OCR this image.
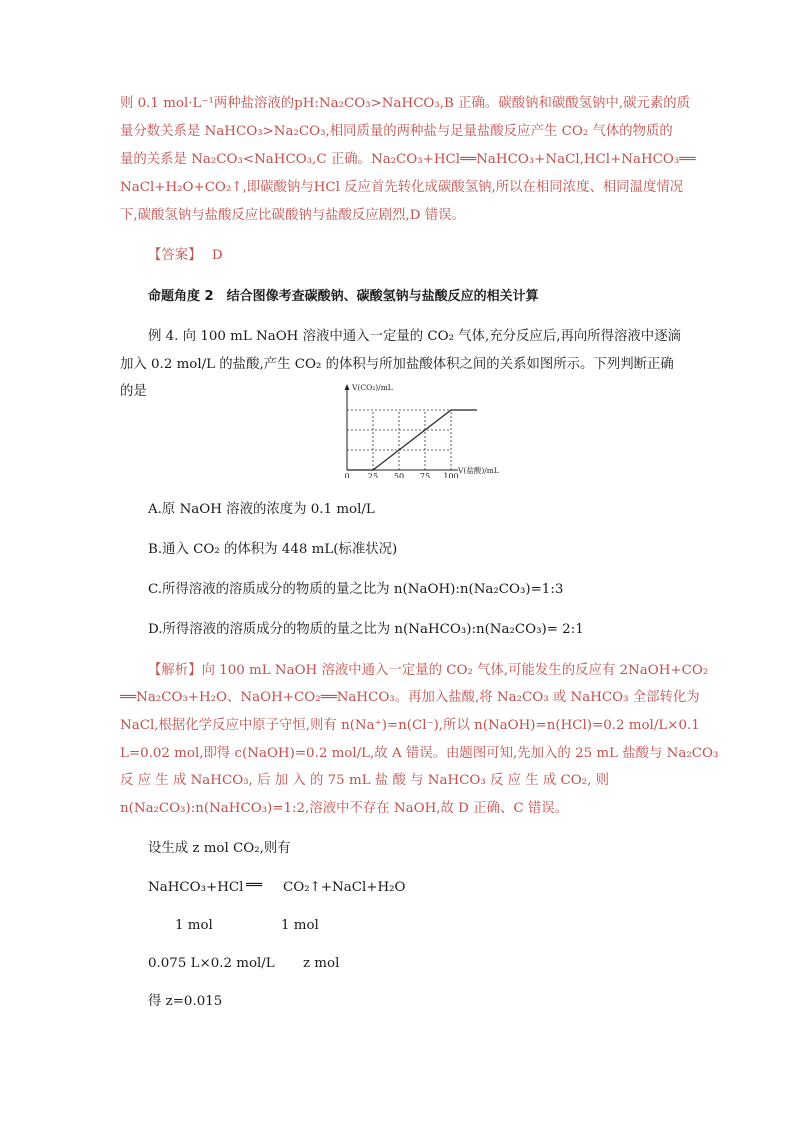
则 0.1 mol·L⁻¹两种盐溶液的pH:Na₂CO₃>NaHCO₃,B 正确。碳酸钠和碳酸氢钠中,碳元素的质
量分数关系是 NaHCO₃>Na₂CO₃,相同质量的两种盐与足量盐酸反应产生 CO₂ 气体的物质的
量的关系是 Na₂CO₃<NaHCO₃,C 正确。Na₂CO₃+HCl══NaHCO₃+NaCl,HCl+NaHCO₃══
NaCl+H₂O+CO₂↑,即碳酸钠与HCl 反应首先转化成碳酸氢钠,所以在相同浓度、相同温度情况
下,碳酸氢钠与盐酸反应比碳酸钠与盐酸反应剧烈,D 错误。
【答案】 D
命题角度 2　结合图像考查碳酸钠、碳酸氢钠与盐酸反应的相关计算
例 4. 向 100 mL NaOH 溶液中通入一定量的 CO₂ 气体,充分反应后,再向所得溶液中逐滴
加入 0.2 mol/L 的盐酸,产生 CO₂ 的体积与所加盐酸体积之间的关系如图所示。下列判断正确
的是	V(CO₂)/mL
V(盐酸)/mL
0 25 50 75 100
A.原 NaOH 溶液的浓度为 0.1 mol/L
B.通入 CO₂ 的体积为 448 mL(标准状况)
C.所得溶液的溶质成分的物质的量之比为 n(NaOH):n(Na₂CO₃)=1:3
D.所得溶液的溶质成分的物质的量之比为 n(NaHCO₃):n(Na₂CO₃)= 2:1
【解析】向 100 mL NaOH 溶液中通入一定量的 CO₂ 气体,可能发生的反应有 2NaOH+CO₂
══Na₂CO₃+H₂O、NaOH+CO₂══NaHCO₃。再加入盐酸,将 Na₂CO₃ 或 NaHCO₃ 全部转化为
NaCl,根据化学反应中原子守恒,则有 n(Na⁺)=n(Cl⁻),所以 n(NaOH)=n(HCl)=0.2 mol/L×0.1
L=0.02 mol,即得 c(NaOH)=0.2 mol/L,故 A 错误。由题图可知,先加入的 25 mL 盐酸与 Na₂CO₃
反 应 生 成 NaHCO₃, 后 加 入 的 75 mL 盐 酸 与 NaHCO₃ 反 应 生 成 CO₂, 则
n(Na₂CO₃):n(NaHCO₃)=1:2,溶液中不存在 NaOH,故 D 正确、C 错误。
设生成 z mol CO₂,则有
NaHCO₃+HCl ══ CO₂↑+NaCl+H₂O
1 mol	1 mol
0.075 L×0.2 mol/L z mol
得 z=0.015
